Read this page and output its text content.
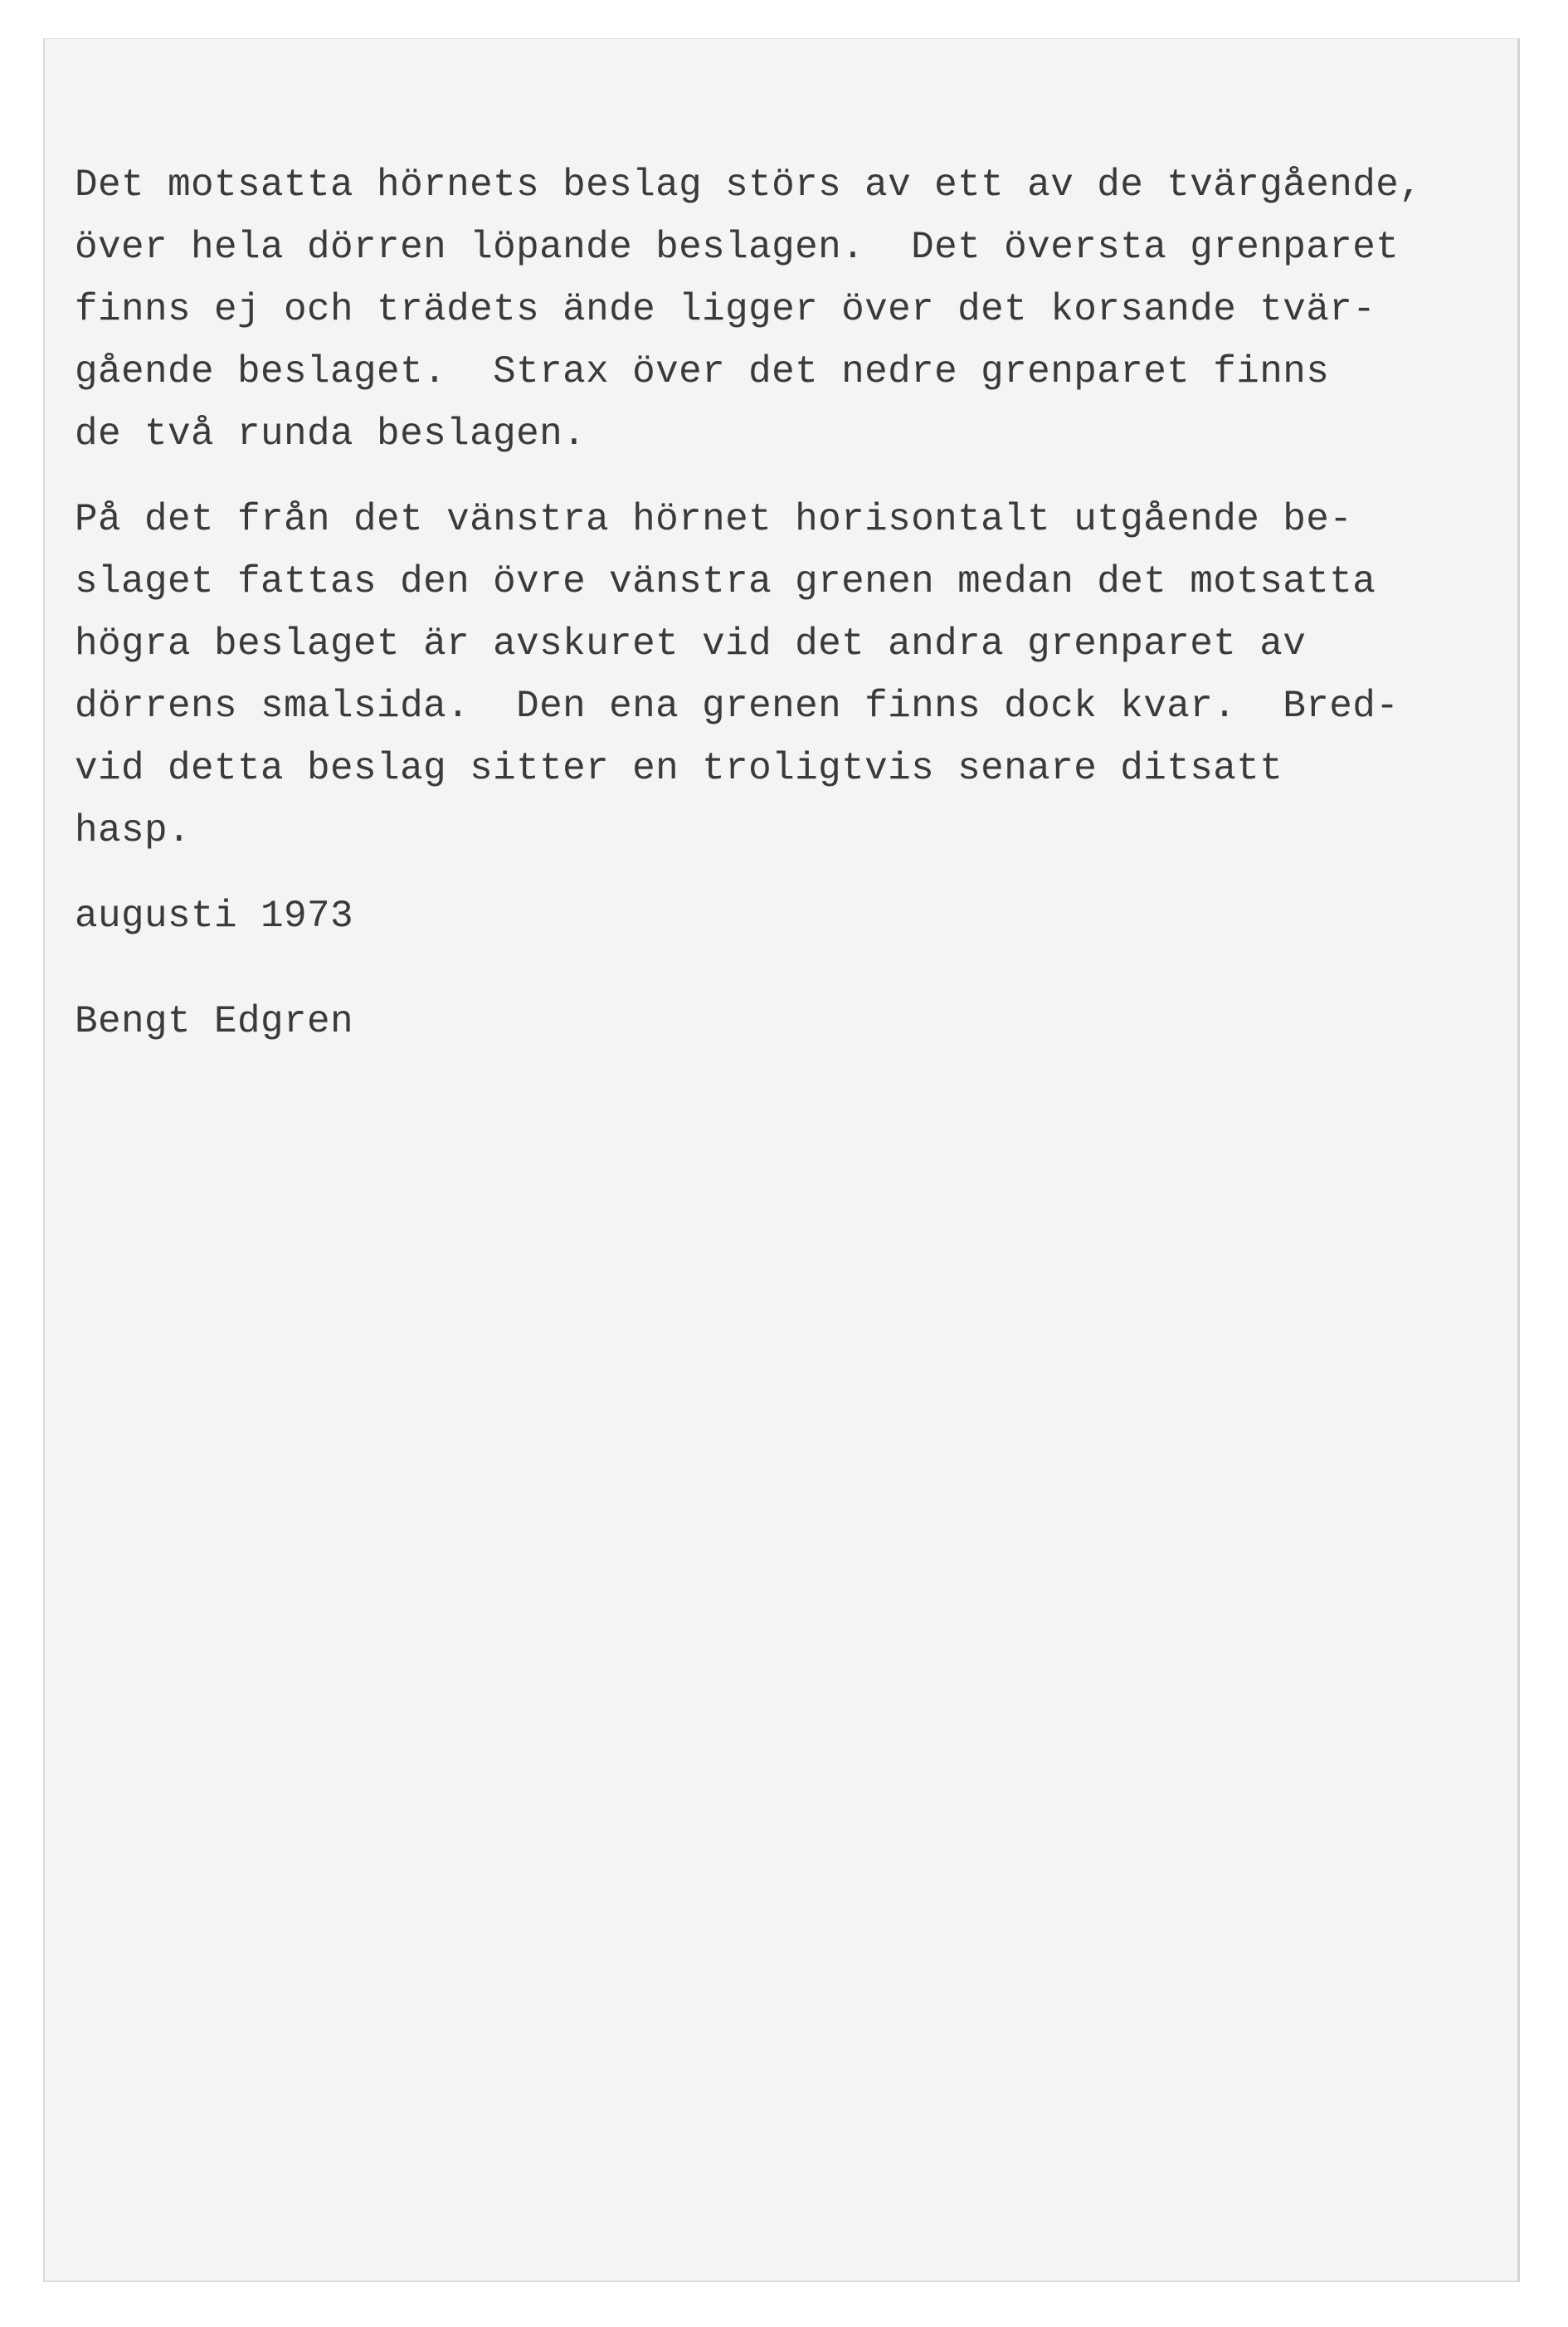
Det motsatta hörnets beslag störs av ett av de tvärgående,
över hela dörren löpande beslagen.  Det översta grenparet
finns ej och trädets ände ligger över det korsande tvär-
gående beslaget.  Strax över det nedre grenparet finns
de två runda beslagen.
På det från det vänstra hörnet horisontalt utgående be-
slaget fattas den övre vänstra grenen medan det motsatta
högra beslaget är avskuret vid det andra grenparet av
dörrens smalsida.  Den ena grenen finns dock kvar.  Bred-
vid detta beslag sitter en troligtvis senare ditsatt
hasp.
augusti 1973
Bengt Edgren
